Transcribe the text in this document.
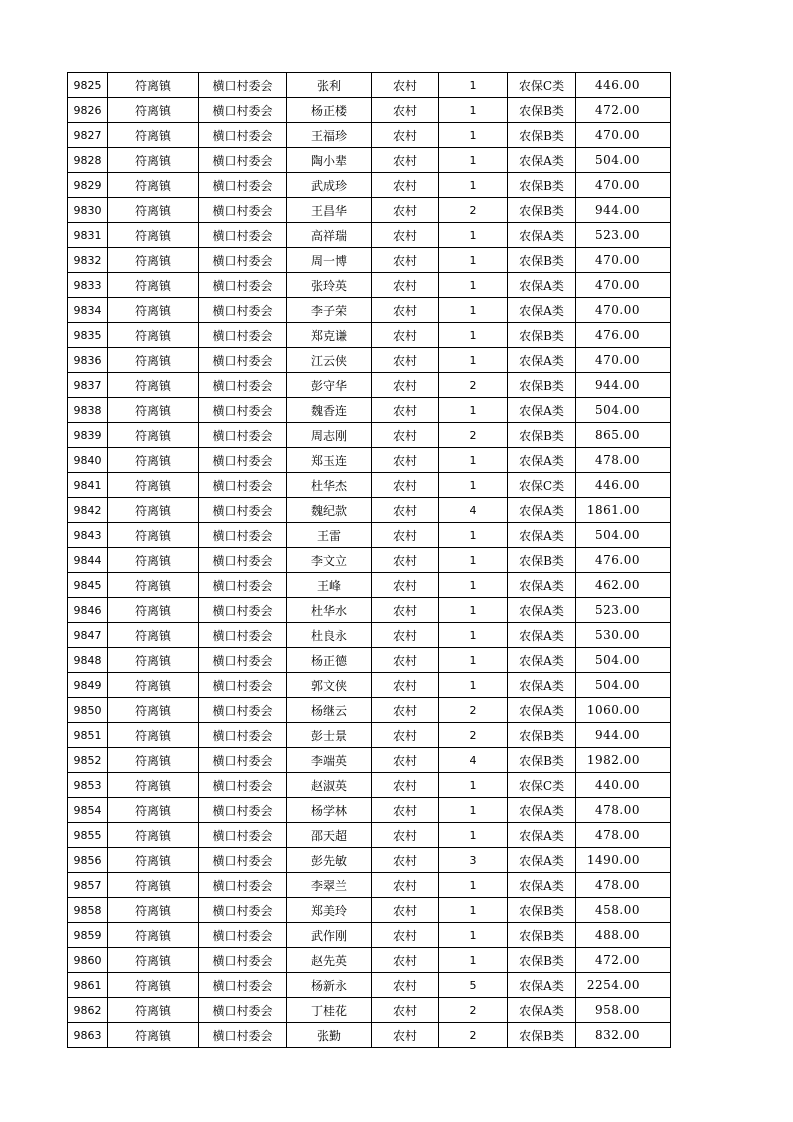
9825	符离镇	横口村委会	张利	农村	1	农保C类	446.00
9826	符离镇	横口村委会	杨正楼	农村	1	农保B类	472.00
9827	符离镇	横口村委会	王福珍	农村	1	农保B类	470.00
9828	符离镇	横口村委会	陶小辈	农村	1	农保A类	504.00
9829	符离镇	横口村委会	武成珍	农村	1	农保B类	470.00
9830	符离镇	横口村委会	王昌华	农村	2	农保B类	944.00
9831	符离镇	横口村委会	高祥瑞	农村	1	农保A类	523.00
9832	符离镇	横口村委会	周一博	农村	1	农保B类	470.00
9833	符离镇	横口村委会	张玲英	农村	1	农保A类	470.00
9834	符离镇	横口村委会	李子荣	农村	1	农保A类	470.00
9835	符离镇	横口村委会	郑克谦	农村	1	农保B类	476.00
9836	符离镇	横口村委会	江云侠	农村	1	农保A类	470.00
9837	符离镇	横口村委会	彭守华	农村	2	农保B类	944.00
9838	符离镇	横口村委会	魏香连	农村	1	农保A类	504.00
9839	符离镇	横口村委会	周志刚	农村	2	农保B类	865.00
9840	符离镇	横口村委会	郑玉连	农村	1	农保A类	478.00
9841	符离镇	横口村委会	杜华杰	农村	1	农保C类	446.00
9842	符离镇	横口村委会	魏纪款	农村	4	农保A类	1861.00
9843	符离镇	横口村委会	王雷	农村	1	农保A类	504.00
9844	符离镇	横口村委会	李文立	农村	1	农保B类	476.00
9845	符离镇	横口村委会	王峰	农村	1	农保A类	462.00
9846	符离镇	横口村委会	杜华水	农村	1	农保A类	523.00
9847	符离镇	横口村委会	杜良永	农村	1	农保A类	530.00
9848	符离镇	横口村委会	杨正德	农村	1	农保A类	504.00
9849	符离镇	横口村委会	郭文侠	农村	1	农保A类	504.00
9850	符离镇	横口村委会	杨继云	农村	2	农保A类	1060.00
9851	符离镇	横口村委会	彭士景	农村	2	农保B类	944.00
9852	符离镇	横口村委会	李端英	农村	4	农保B类	1982.00
9853	符离镇	横口村委会	赵淑英	农村	1	农保C类	440.00
9854	符离镇	横口村委会	杨学林	农村	1	农保A类	478.00
9855	符离镇	横口村委会	邵天超	农村	1	农保A类	478.00
9856	符离镇	横口村委会	彭先敏	农村	3	农保A类	1490.00
9857	符离镇	横口村委会	李翠兰	农村	1	农保A类	478.00
9858	符离镇	横口村委会	郑美玲	农村	1	农保B类	458.00
9859	符离镇	横口村委会	武作刚	农村	1	农保B类	488.00
9860	符离镇	横口村委会	赵先英	农村	1	农保B类	472.00
9861	符离镇	横口村委会	杨新永	农村	5	农保A类	2254.00
9862	符离镇	横口村委会	丁桂花	农村	2	农保A类	958.00
9863	符离镇	横口村委会	张勤	农村	2	农保B类	832.00
